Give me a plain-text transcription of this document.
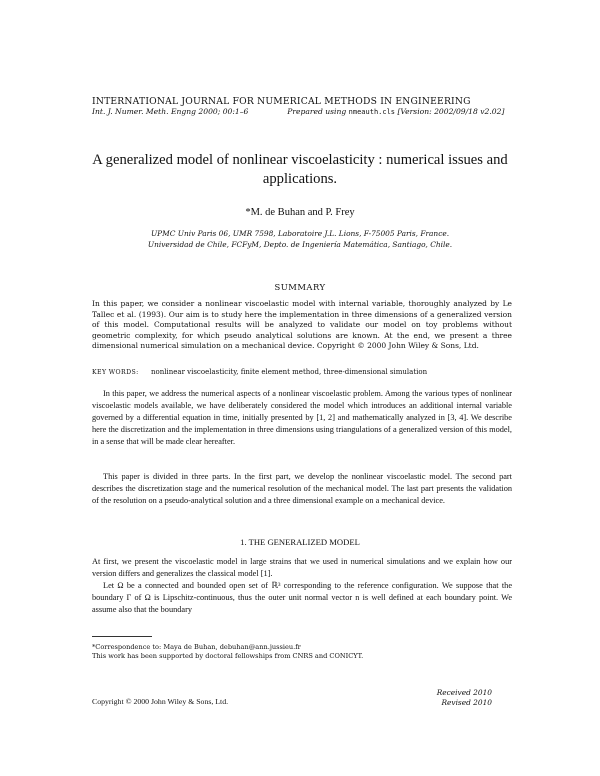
INTERNATIONAL JOURNAL FOR NUMERICAL METHODS IN ENGINEERING
Int. J. Numer. Meth. Engng 2000; 00:1–6	Prepared using nmeauth.cls [Version: 2002/09/18 v2.02]
A generalized model of nonlinear viscoelasticity : numerical issues and applications.
*M. de Buhan and P. Frey
UPMC Univ Paris 06, UMR 7598, Laboratoire J.L. Lions, F-75005 Paris, France.
Universidad de Chile, FCFyM, Depto. de Ingeniería Matemática, Santiago, Chile.
SUMMARY
In this paper, we consider a nonlinear viscoelastic model with internal variable, thoroughly analyzed by Le Tallec et al. (1993). Our aim is to study here the implementation in three dimensions of a generalized version of this model. Computational results will be analyzed to validate our model on toy problems without geometric complexity, for which pseudo analytical solutions are known. At the end, we present a three dimensional numerical simulation on a mechanical device. Copyright © 2000 John Wiley & Sons, Ltd.
KEY WORDS: nonlinear viscoelasticity, finite element method, three-dimensional simulation
In this paper, we address the numerical aspects of a nonlinear viscoelastic problem. Among the various types of nonlinear viscoelastic models available, we have deliberately considered the model which introduces an additional internal variable governed by a differential equation in time, initially presented by [1, 2] and mathematically analyzed in [3, 4]. We describe here the discretization and the implementation in three dimensions using triangulations of a generalized version of this model, in a sense that will be made clear hereafter.
This paper is divided in three parts. In the first part, we develop the nonlinear viscoelastic model. The second part describes the discretization stage and the numerical resolution of the mechanical model. The last part presents the validation of the resolution on a pseudo-analytical solution and a three dimensional example on a mechanical device.
1. THE GENERALIZED MODEL
At first, we present the viscoelastic model in large strains that we used in numerical simulations and we explain how our version differs and generalizes the classical model [1].
Let Ω be a connected and bounded open set of ℝ³ corresponding to the reference configuration. We suppose that the boundary Γ of Ω is Lipschitz-continuous, thus the outer unit normal vector n is well defined at each boundary point. We assume also that the boundary
*Correspondence to: Maya de Buhan, debuhan@ann.jussieu.fr
This work has been supported by doctoral fellowships from CNRS and CONICYT.
Copyright © 2000 John Wiley & Sons, Ltd.
Received 2010
Revised 2010
